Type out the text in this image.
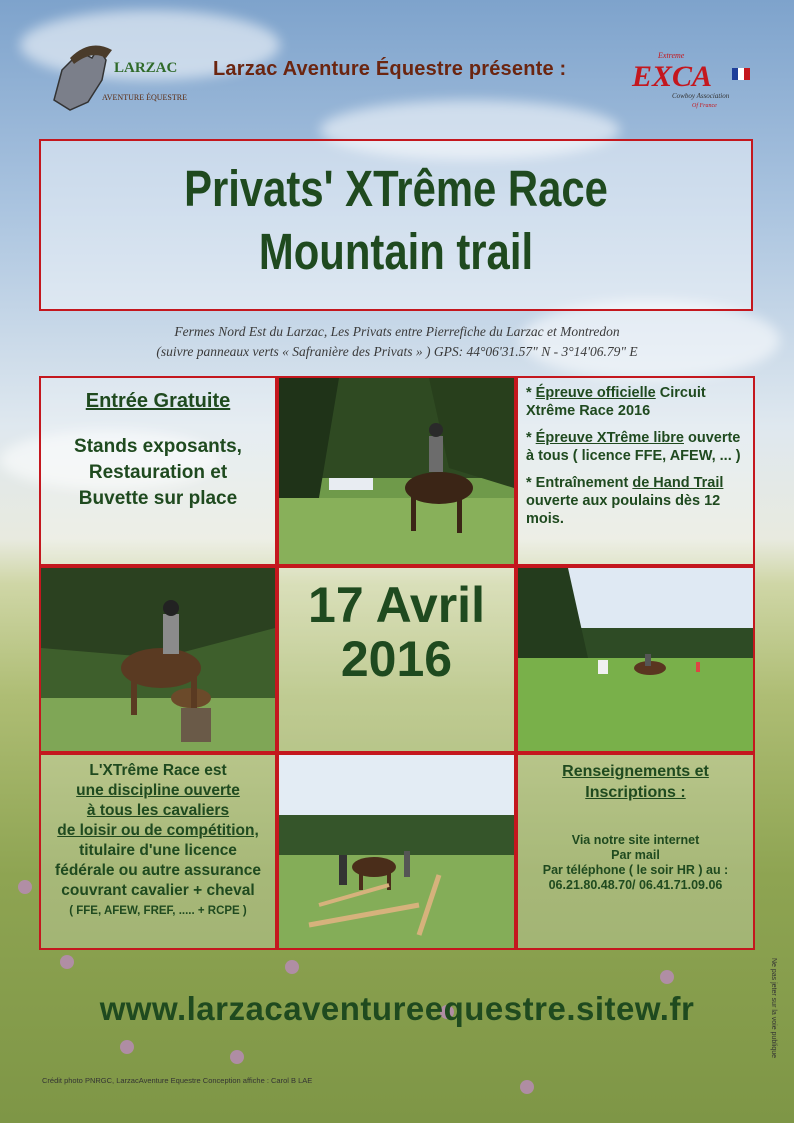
LARZAC
AVENTURE ÉQUESTRE
Larzac Aventure Équestre présente :
Extreme
EXCA
Cowboy Association
Of France
Privats' XTrême Race
Mountain trail
Fermes Nord Est du Larzac, Les Privats entre Pierrefiche du Larzac et Montredon
(suivre panneaux verts « Safranière des Privats » ) GPS: 44°06'31.57" N - 3°14'06.79" E
Entrée Gratuite
Stands exposants,
Restauration et
Buvette sur place

* Épreuve officielle Circuit Xtrême Race 2016

* Épreuve XTrême libre ouverte à tous ( licence FFE, AFEW, ... )

* Entraînement de Hand Trail ouverte aux poulains dès 12 mois.

17 Avril
2016
L'XTrême Race est
une discipline ouverte
à tous les cavaliers
de loisir ou de compétition,
titulaire d'une licence
fédérale ou autre assurance
couvrant cavalier + cheval
( FFE, AFEW, FREF, ..... + RCPE )
Renseignements et
Inscriptions :
Via notre site internet
Par mail
Par téléphone ( le soir HR ) au :
06.21.80.48.70/ 06.41.71.09.06
www.larzacaventureequestre.sitew.fr
Crédit photo PNRGC, LarzacAventure Equestre Conception affiche : Carol B LAE
Ne pas jeter sur la voie publique
